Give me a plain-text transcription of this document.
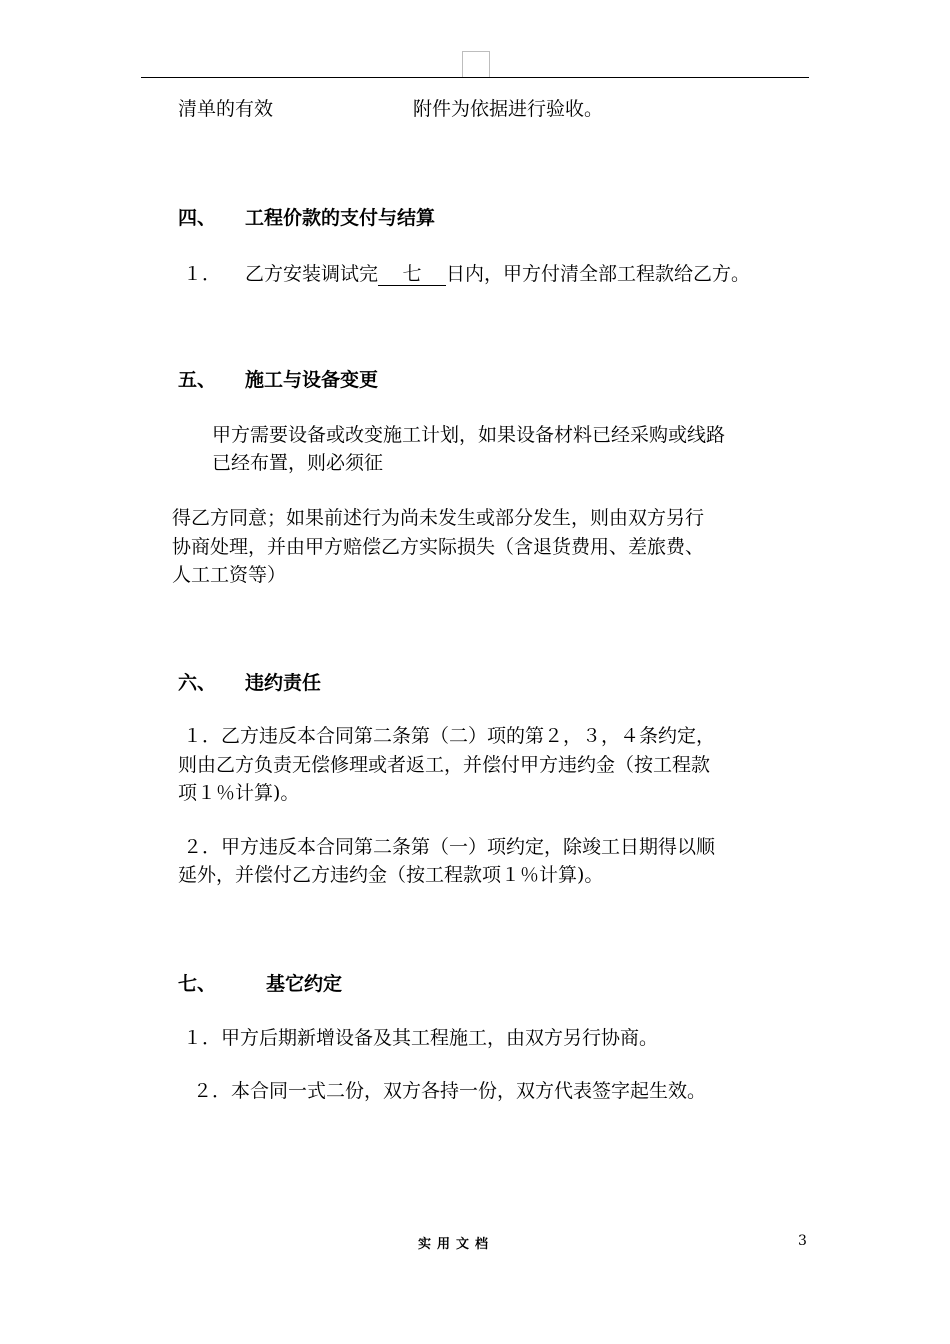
清单的有效	附件为依据进行验收。
四、 工程价款的支付与结算
１． 乙方安装调试完 七 日内，甲方付清全部工程款给乙方。
五、 施工与设备变更
甲方需要设备或改变施工计划，如果设备材料已经采购或线路
已经布置，则必须征
得乙方同意；如果前述行为尚未发生或部分发生，则由双方另行
协商处理，并由甲方赔偿乙方实际损失（含退货费用、差旅费、
人工工资等）
六、 违约责任
１．乙方违反本合同第二条第（二）项的第２，３，４条约定，
则由乙方负责无偿修理或者返工，并偿付甲方违约金（按工程款
项１％计算)。
２．甲方违反本合同第二条第（一）项约定，除竣工日期得以顺
延外，并偿付乙方违约金（按工程款项１％计算)。
七、	基它约定
１．甲方后期新增设备及其工程施工，由双方另行协商。
２．本合同一式二份，双方各持一份，双方代表签字起生效。
实用文档	3
